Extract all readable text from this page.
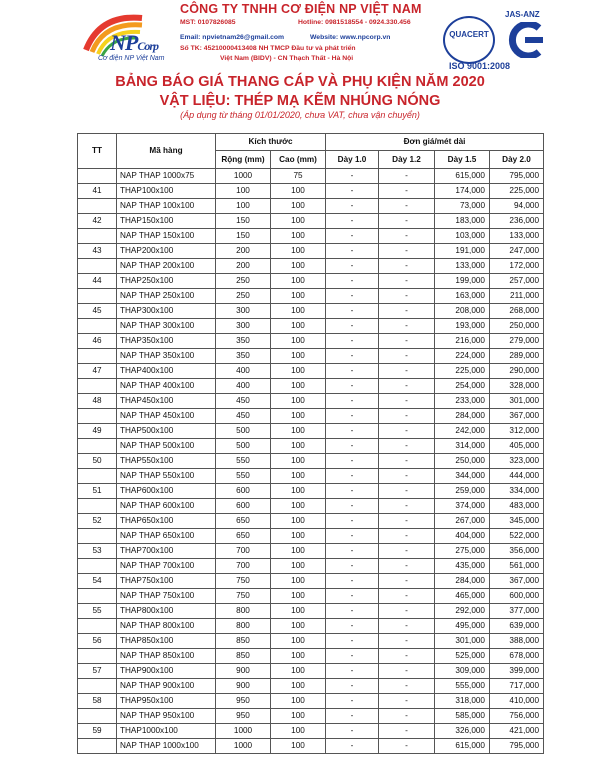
NPCorp
Cơ điện NP Việt Nam
CÔNG TY TNHH CƠ ĐIỆN NP VIỆT NAM
MST: 0107826085	Hotline: 0981518554 - 0924.330.456
Email: npvietnam26@gmail.com	Website: www.npcorp.vn
Số TK: 45210000413408 NH TMCP Đầu tư và phát triển
Việt Nam (BIDV) - CN Thạch Thất - Hà Nội
QUACERT
JAS-ANZ
ISO 9001:2008
BẢNG BÁO GIÁ THANG CÁP VÀ PHỤ KIỆN NĂM 2020
VẬT LIỆU: THÉP MẠ KẼM NHÚNG NÓNG
(Áp dụng từ tháng 01/01/2020, chưa VAT, chưa vận chuyển)
TT	Mã hàng	Kích thước		Đơn giá/mét dài			
		Rộng (mm)	Cao (mm)	Dày 1.0	Dày 1.2	Dày 1.5	Dày 2.0
	NAP THAP 1000x75	1000	75	-	-	615,000	795,000
41	THAP100x100	100	100	-	-	174,000	225,000
	NAP THAP 100x100	100	100	-	-	73,000	94,000
42	THAP150x100	150	100	-	-	183,000	236,000
	NAP THAP 150x100	150	100	-	-	103,000	133,000
43	THAP200x100	200	100	-	-	191,000	247,000
	NAP THAP 200x100	200	100	-	-	133,000	172,000
44	THAP250x100	250	100	-	-	199,000	257,000
	NAP THAP 250x100	250	100	-	-	163,000	211,000
45	THAP300x100	300	100	-	-	208,000	268,000
	NAP THAP 300x100	300	100	-	-	193,000	250,000
46	THAP350x100	350	100	-	-	216,000	279,000
	NAP THAP 350x100	350	100	-	-	224,000	289,000
47	THAP400x100	400	100	-	-	225,000	290,000
	NAP THAP 400x100	400	100	-	-	254,000	328,000
48	THAP450x100	450	100	-	-	233,000	301,000
	NAP THAP 450x100	450	100	-	-	284,000	367,000
49	THAP500x100	500	100	-	-	242,000	312,000
	NAP THAP 500x100	500	100	-	-	314,000	405,000
50	THAP550x100	550	100	-	-	250,000	323,000
	NAP THAP 550x100	550	100	-	-	344,000	444,000
51	THAP600x100	600	100	-	-	259,000	334,000
	NAP THAP 600x100	600	100	-	-	374,000	483,000
52	THAP650x100	650	100	-	-	267,000	345,000
	NAP THAP 650x100	650	100	-	-	404,000	522,000
53	THAP700x100	700	100	-	-	275,000	356,000
	NAP THAP 700x100	700	100	-	-	435,000	561,000
54	THAP750x100	750	100	-	-	284,000	367,000
	NAP THAP 750x100	750	100	-	-	465,000	600,000
55	THAP800x100	800	100	-	-	292,000	377,000
	NAP THAP 800x100	800	100	-	-	495,000	639,000
56	THAP850x100	850	100	-	-	301,000	388,000
	NAP THAP 850x100	850	100	-	-	525,000	678,000
57	THAP900x100	900	100	-	-	309,000	399,000
	NAP THAP 900x100	900	100	-	-	555,000	717,000
58	THAP950x100	950	100	-	-	318,000	410,000
	NAP THAP 950x100	950	100	-	-	585,000	756,000
59	THAP1000x100	1000	100	-	-	326,000	421,000
	NAP THAP 1000x100	1000	100	-	-	615,000	795,000
